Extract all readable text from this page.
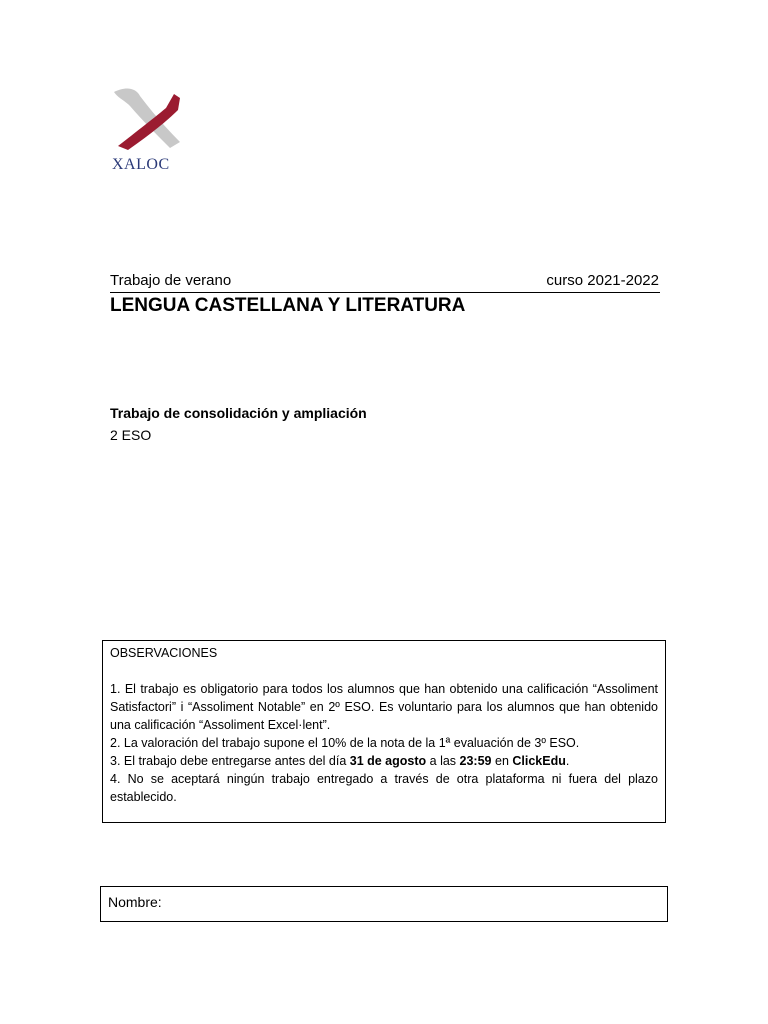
XALOC
Trabajo de verano	curso 2021-2022
LENGUA CASTELLANA Y LITERATURA
Trabajo de consolidación y ampliación
2 ESO

OBSERVACIONES

1. El trabajo es obligatorio para todos los alumnos que han obtenido una calificación “Assoliment Satisfactori” i “Assoliment Notable” en 2º ESO. Es voluntario para los alumnos que han obtenido una calificación “Assoliment Excel·lent”.

2. La valoración del trabajo supone el 10% de la nota de la 1ª evaluación de 3º ESO.

3. El trabajo debe entregarse antes del día 31 de agosto a las 23:59 en ClickEdu.

4. No se aceptará ningún trabajo entregado a través de otra plataforma ni fuera del plazo establecido.

Nombre:
